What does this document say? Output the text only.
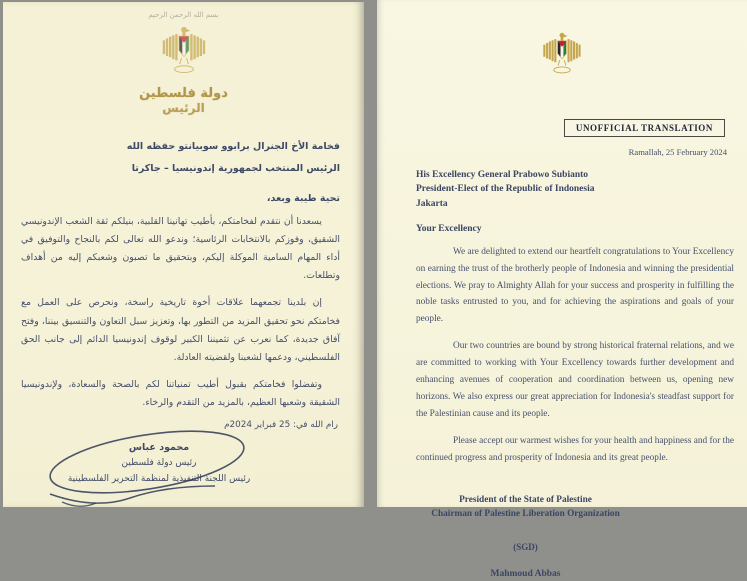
بسم الله الرحمن الرحيم
دولة فلسطين
الرئيس
فخامة الأخ الجنرال برابوو سوبيانتو حفظه الله
الرئيس المنتخب لجمهورية إندونيسيا – جاكرتا
تحية طيبة وبعد،

يسعدنا أن نتقدم لفخامتكم، بأطيب تهانينا القلبية، بنيلكم ثقة الشعب الإندونيسي الشقيق، وفوزكم بالانتخابات الرئاسية؛ وندعو الله تعالى لكم بالنجاح والتوفيق في أداء المهام السامية الموكلة إليكم، وبتحقيق ما تصبون وشعبكم إليه من أهداف وتطلعات.

إن بلدينا تجمعهما علاقات أخوة تاريخية راسخة، ونحرص على العمل مع فخامتكم نحو تحقيق المزيد من التطور بها، وتعزيز سبل التعاون والتنسيق بيننا، وفتح آفاق جديدة، كما نعرب عن تثميننا الكبير لوقوف إندونيسيا الدائم إلى جانب الحق الفلسطيني، ودعمها لشعبنا ولقضيته العادلة.

وتفضلوا فخامتكم بقبول أطيب تمنياتنا لكم بالصحة والسعادة، ولإندونيسيا الشقيقة وشعبها العظيم، بالمزيد من التقدم والرخاء.

رام الله في: 25 فبراير 2024م
محمود عباس
رئيس دولة فلسطين
رئيس اللجنة التنفيذية لمنظمة التحرير الفلسطينية
UNOFFICIAL TRANSLATION
Ramallah, 25 February 2024
His Excellency General Prabowo Subianto
President-Elect of the Republic of Indonesia
Jakarta
Your Excellency

We are delighted to extend our heartfelt congratulations to Your Excellency on earning the trust of the brotherly people of Indonesia and winning the presidential elections. We pray to Almighty Allah for your success and prosperity in fulfilling the noble tasks entrusted to you, and for achieving the aspirations and goals of your people.

Our two countries are bound by strong historical fraternal relations, and we are committed to working with Your Excellency towards further development and enhancing avenues of cooperation and coordination between us, opening new horizons. We also express our great appreciation for Indonesia's steadfast support for the Palestinian cause and its people.

Please accept our warmest wishes for your health and happiness and for the continued progress and prosperity of Indonesia and its great people.

President of the State of Palestine
Chairman of Palestine Liberation Organization
(SGD)
Mahmoud Abbas
